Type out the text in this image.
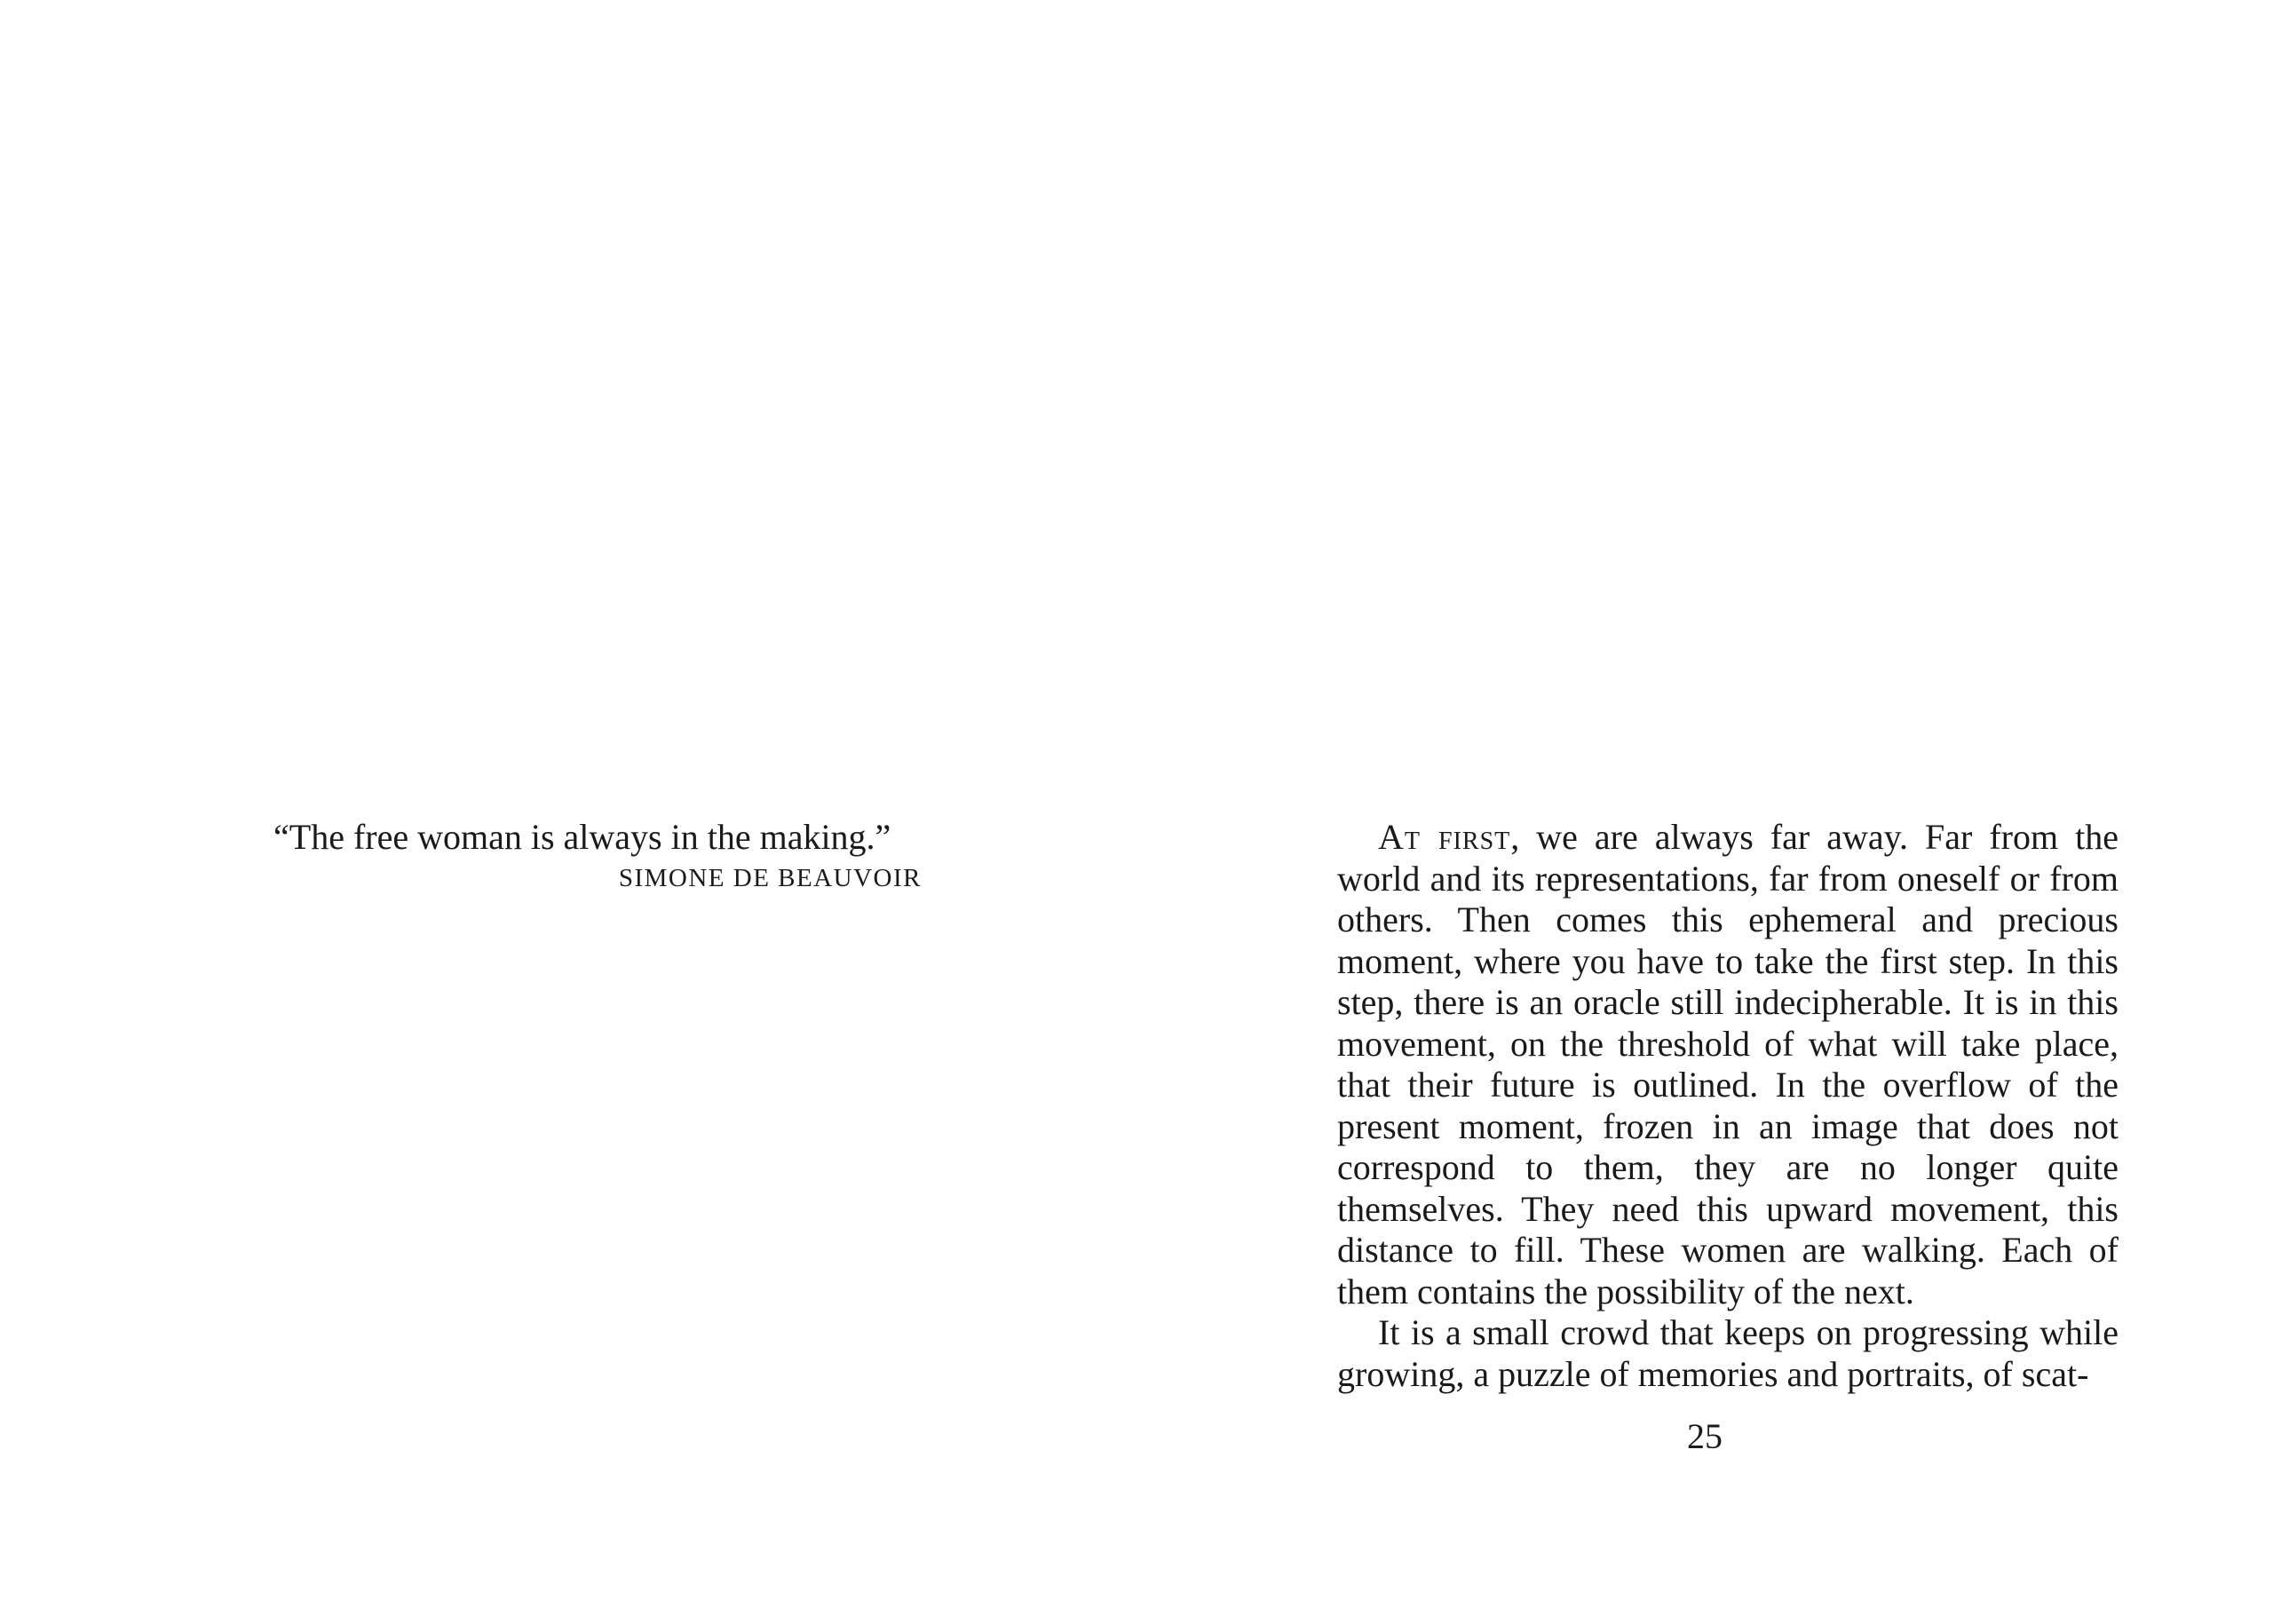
“The free woman is always in the making.”

SIMONE DE BEAUVOIR

At first, we are always far away. Far from the world and its representations, far from oneself or from others. Then comes this ephemeral and precious moment, where you have to take the first step. In this step, there is an oracle still indecipherable. It is in this movement, on the threshold of what will take place, that their future is outlined. In the overflow of the present moment, frozen in an image that does not correspond to them, they are no longer quite themselves. They need this upward movement, this distance to fill. These women are walking. Each of them contains the possibility of the next.

It is a small crowd that keeps on progressing while growing, a puzzle of memories and portraits, of scat-

25
